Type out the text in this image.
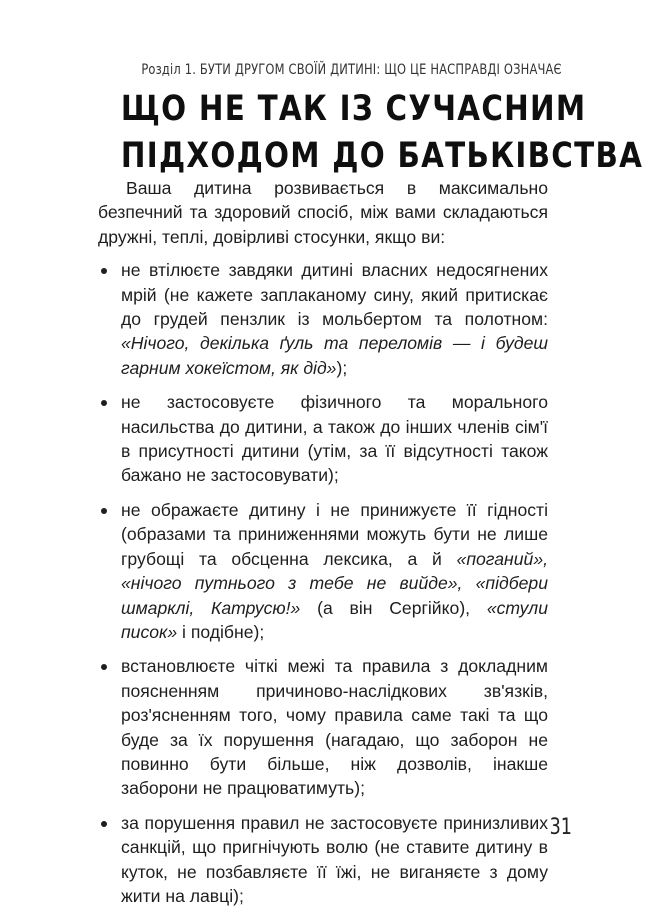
Розділ 1. БУТИ ДРУГОМ СВОЇЙ ДИТИНІ: ЩО ЦЕ НАСПРАВДІ ОЗНАЧАЄ
ЩО НЕ ТАК ІЗ СУЧАСНИМ
ПІДХОДОМ ДО БАТЬКІВСТВА

Ваша дитина розвивається в максимально безпечний та здоровий спосіб, між вами складаються дружні, теплі, довірливі стосунки, якщо ви:

не втілюєте завдяки дитині власних недосягнених мрій (не кажете заплаканому сину, який притискає до грудей пензлик із мольбертом та полотном: «Нічого, декілька ґуль та переломів — і будеш гарним хокеїстом, як дід»);
не застосовуєте фізичного та морального насильства до дитини, а також до інших членів сім'ї в присутності дитини (утім, за її відсутності також бажано не застосовувати);
не ображаєте дитину і не принижуєте її гідності (образами та приниженнями можуть бути не лише грубощі та обсценна лексика, а й «поганий», «нічого путнього з тебе не вийде», «підбери шмарклі, Катрусю!» (а він Сергійко), «стули писок» і подібне);
встановлюєте чіткі межі та правила з докладним поясненням причиново-наслідкових зв'язків, роз'ясненням того, чому правила саме такі та що буде за їх порушення (нагадаю, що заборон не повинно бути більше, ніж дозволів, інакше заборони не працюватимуть);
за порушення правил не застосовуєте принизливих санкцій, що пригнічують волю (не ставите дитину в куток, не позбавляєте її їжі, не виганяєте з дому жити на лавці);
31
